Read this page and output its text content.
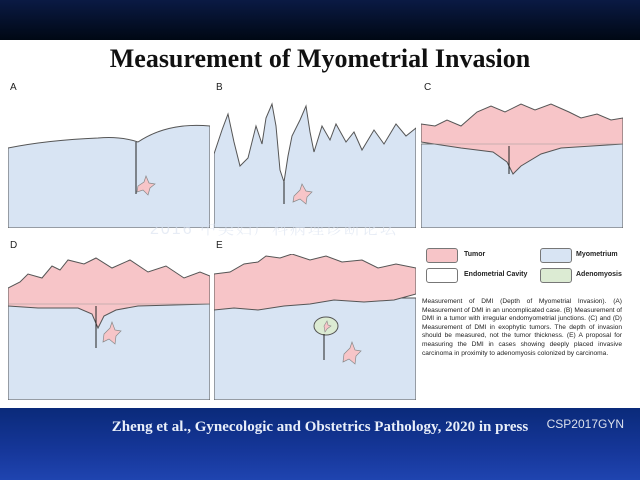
Measurement of Myometrial Invasion
A	B	C
D	E
2016 中美妇产科病理诊断论坛
Tumor	Myometrium
Endometrial Cavity	Adenomyosis
Measurement of DMI (Depth of Myometrial Invasion). (A) Measurement of DMI in an uncomplicated case. (B) Measurement of DMI in a tumor with irregular endomyometrial junctions. (C) and (D) Measurement of DMI in exophytic tumors. The depth of invasion should be measured, not the tumor thickness. (E) A proposal for measuring the DMI in cases showing deeply placed invasive carcinoma in proximity to adenomyosis colonized by carcinoma.
Zheng et al., Gynecologic and Obstetrics Pathology, 2020 in press	CSP2017GYN
